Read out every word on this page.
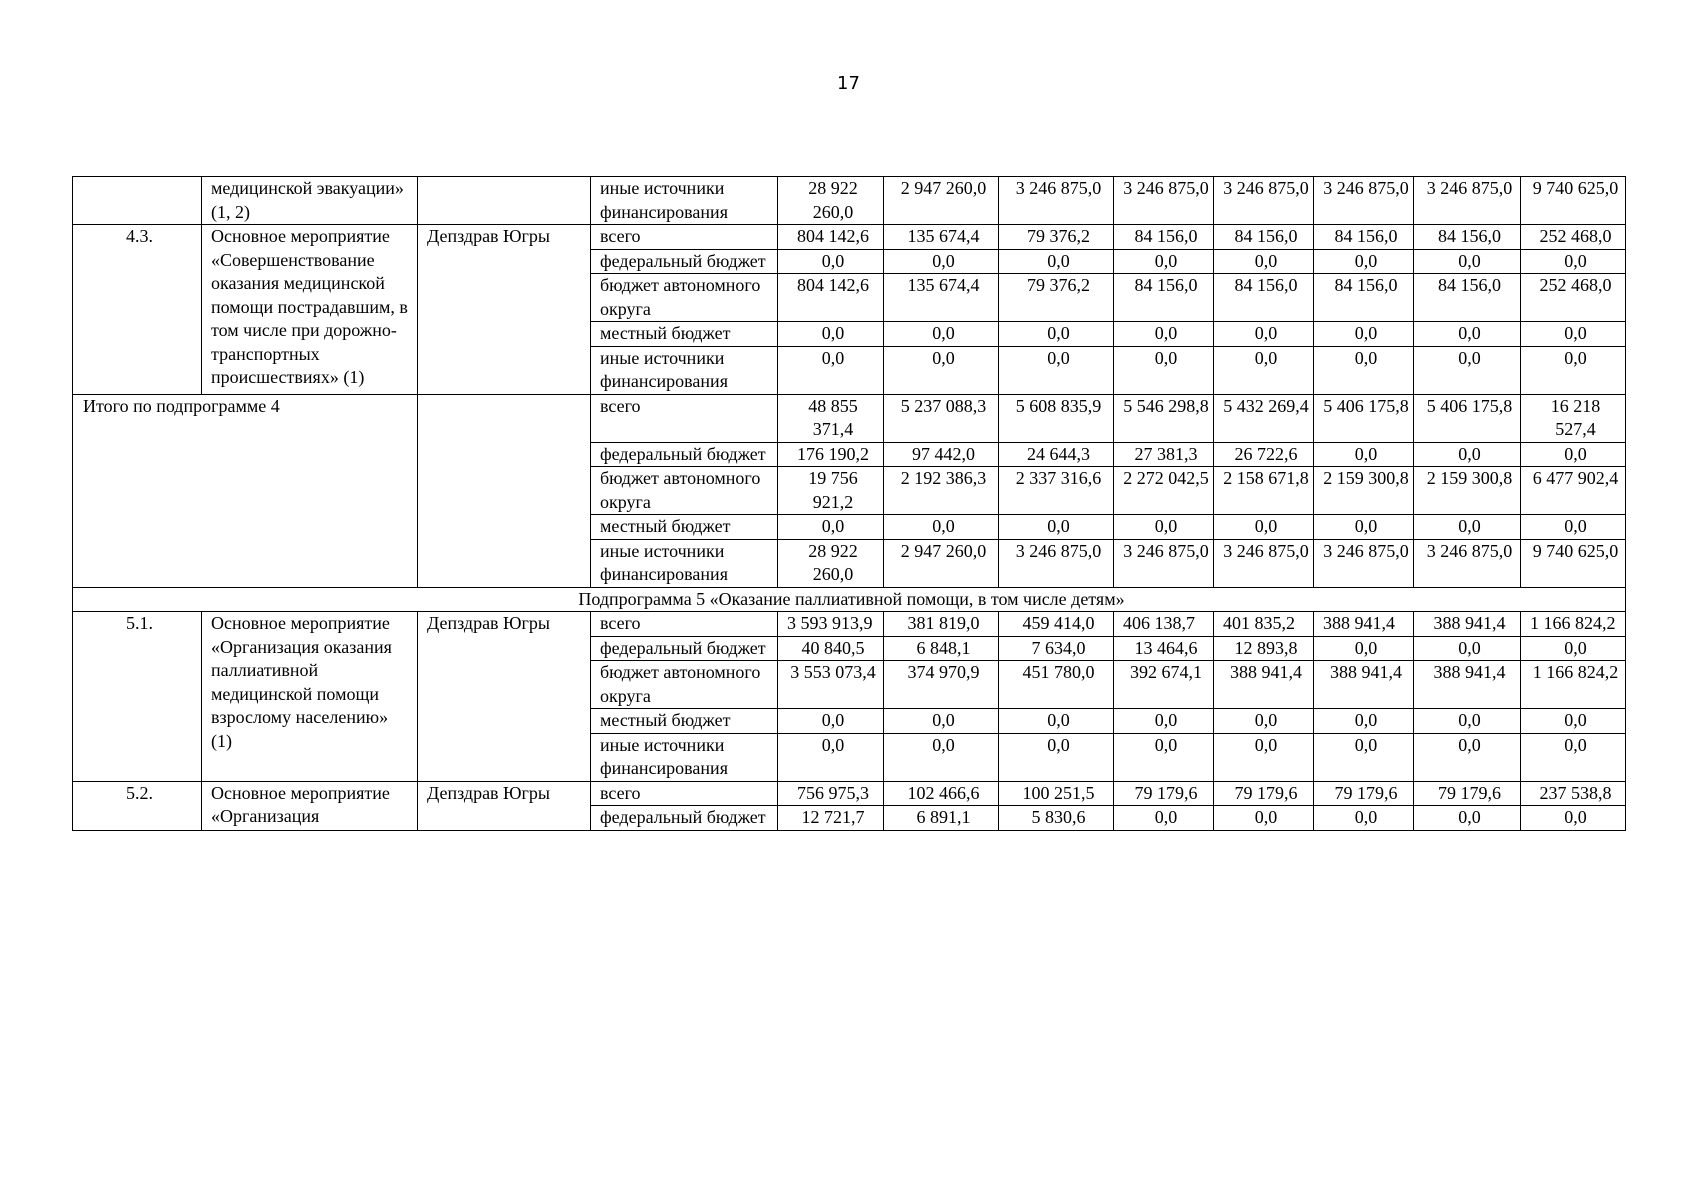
17
	медицинской эвакуации» (1, 2)		иные источники финансирования	28 922 260,0	2 947 260,0	3 246 875,0	3 246 875,0	3 246 875,0	3 246 875,0	3 246 875,0	9 740 625,0
4.3.	Основное мероприятие «Совершенствование оказания медицинской помощи пострадавшим, в том числе при дорожно-транспортных происшествиях» (1)	Депздрав Югры	всего	804 142,6	135 674,4	79 376,2	84 156,0	84 156,0	84 156,0	84 156,0	252 468,0
			федеральный бюджет	0,0	0,0	0,0	0,0	0,0	0,0	0,0	0,0
			бюджет автономного округа	804 142,6	135 674,4	79 376,2	84 156,0	84 156,0	84 156,0	84 156,0	252 468,0
			местный бюджет	0,0	0,0	0,0	0,0	0,0	0,0	0,0	0,0
			иные источники финансирования	0,0	0,0	0,0	0,0	0,0	0,0	0,0	0,0
Итого по подпрограмме 4			всего	48 855 371,4	5 237 088,3	5 608 835,9	5 546 298,8	5 432 269,4	5 406 175,8	5 406 175,8	16 218 527,4
			федеральный бюджет	176 190,2	97 442,0	24 644,3	27 381,3	26 722,6	0,0	0,0	0,0
			бюджет автономного округа	19 756 921,2	2 192 386,3	2 337 316,6	2 272 042,5	2 158 671,8	2 159 300,8	2 159 300,8	6 477 902,4
			местный бюджет	0,0	0,0	0,0	0,0	0,0	0,0	0,0	0,0
			иные источники финансирования	28 922 260,0	2 947 260,0	3 246 875,0	3 246 875,0	3 246 875,0	3 246 875,0	3 246 875,0	9 740 625,0
Подпрограмма 5 «Оказание паллиативной помощи, в том числе детям»											
5.1.	Основное мероприятие «Организация оказания паллиативной медицинской помощи взрослому населению» (1)	Депздрав Югры	всего	3 593 913,9	381 819,0	459 414,0	406 138,7	401 835,2	388 941,4	388 941,4	1 166 824,2
			федеральный бюджет	40 840,5	6 848,1	7 634,0	13 464,6	12 893,8	0,0	0,0	0,0
			бюджет автономного округа	3 553 073,4	374 970,9	451 780,0	392 674,1	388 941,4	388 941,4	388 941,4	1 166 824,2
			местный бюджет	0,0	0,0	0,0	0,0	0,0	0,0	0,0	0,0
			иные источники финансирования	0,0	0,0	0,0	0,0	0,0	0,0	0,0	0,0
5.2.	Основное мероприятие «Организация	Депздрав Югры	всего	756 975,3	102 466,6	100 251,5	79 179,6	79 179,6	79 179,6	79 179,6	237 538,8
			федеральный бюджет	12 721,7	6 891,1	5 830,6	0,0	0,0	0,0	0,0	0,0
